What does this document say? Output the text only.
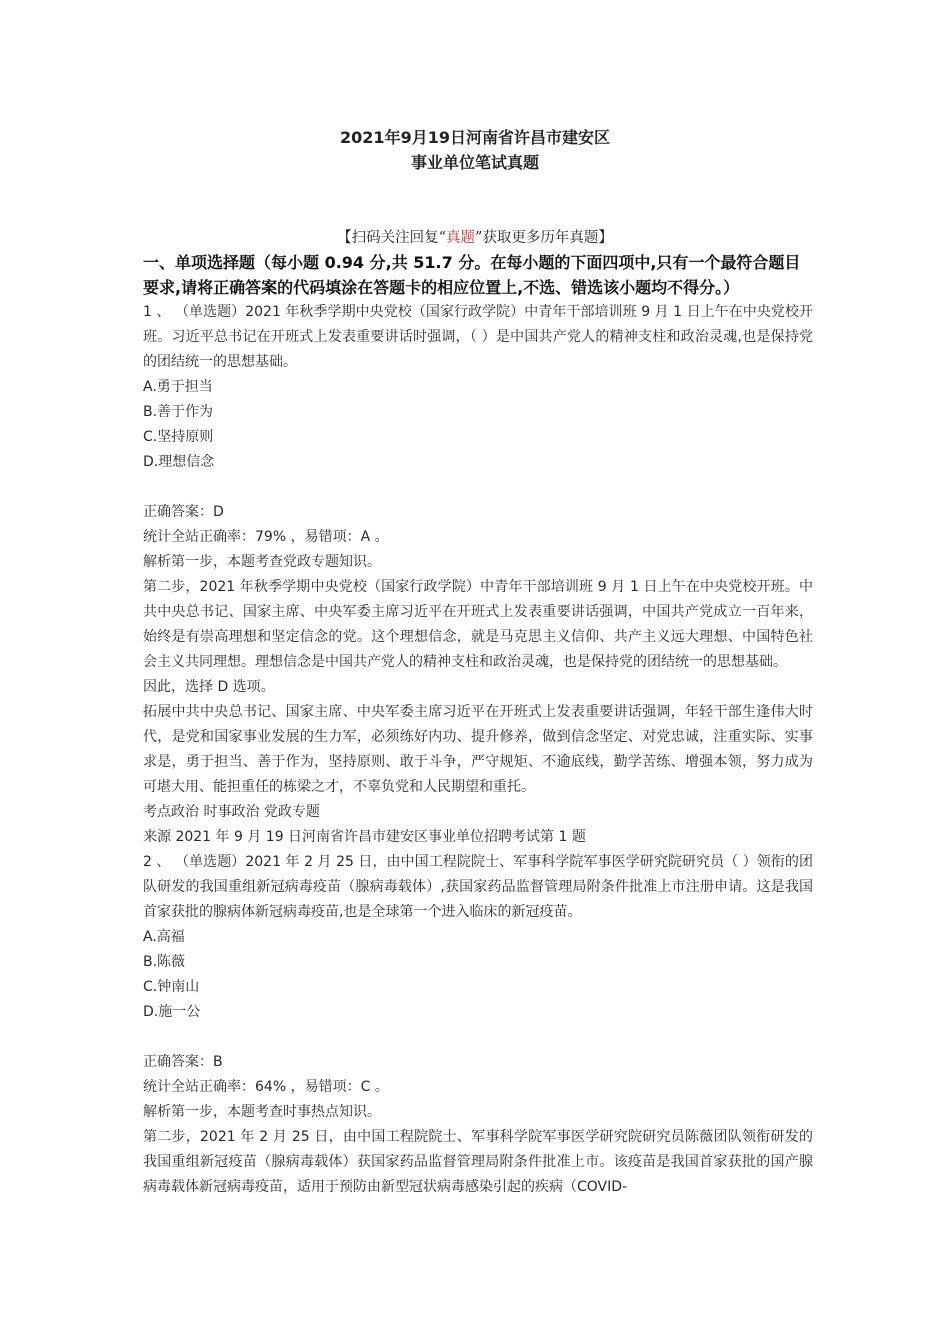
2021年9月19日河南省许昌市建安区
事业单位笔试真题
【扫码关注回复“真题”获取更多历年真题】
一、单项选择题（每小题 0.94 分,共 51.7 分。在每小题的下面四项中,只有一个最符合题目要求,请将正确答案的代码填涂在答题卡的相应位置上,不选、错选该小题均不得分。）

1 、 （单选题）2021 年秋季学期中央党校（国家行政学院）中青年干部培训班 9 月 1 日上午在中央党校开班。习近平总书记在开班式上发表重要讲话时强调，（ ）是中国共产党人的精神支柱和政治灵魂,也是保持党的团结统一的思想基础。

A.勇于担当

B.善于作为

C.坚持原则

D.理想信念

正确答案：D

统计全站正确率：79% ，易错项：A 。

解析第一步，本题考查党政专题知识。

第二步，2021 年秋季学期中央党校（国家行政学院）中青年干部培训班 9 月 1 日上午在中央党校开班。中共中央总书记、国家主席、中央军委主席习近平在开班式上发表重要讲话强调，中国共产党成立一百年来，始终是有崇高理想和坚定信念的党。这个理想信念，就是马克思主义信仰、共产主义远大理想、中国特色社会主义共同理想。理想信念是中国共产党人的精神支柱和政治灵魂，也是保持党的团结统一的思想基础。

因此，选择 D 选项。

拓展中共中央总书记、国家主席、中央军委主席习近平在开班式上发表重要讲话强调，年轻干部生逢伟大时代，是党和国家事业发展的生力军，必须练好内功、提升修养，做到信念坚定、对党忠诚，注重实际、实事求是，勇于担当、善于作为，坚持原则、敢于斗争，严守规矩、不逾底线，勤学苦练、增强本领，努力成为可堪大用、能担重任的栋梁之才，不辜负党和人民期望和重托。

考点政治 时事政治 党政专题

来源 2021 年 9 月 19 日河南省许昌市建安区事业单位招聘考试第 1 题

2 、 （单选题）2021 年 2 月 25 日，由中国工程院院士、军事科学院军事医学研究院研究员（ ）领衔的团队研发的我国重组新冠病毒疫苗（腺病毒载体）,获国家药品监督管理局附条件批准上市注册申请。这是我国首家获批的腺病体新冠病毒疫苗,也是全球第一个进入临床的新冠疫苗。

A.高福

B.陈薇

C.钟南山

D.施一公

正确答案：B

统计全站正确率：64% ，易错项：C 。

解析第一步，本题考查时事热点知识。

第二步，2021 年 2 月 25 日，由中国工程院院士、军事科学院军事医学研究院研究员陈薇团队领衔研发的我国重组新冠疫苗（腺病毒载体）获国家药品监督管理局附条件批准上市。该疫苗是我国首家获批的国产腺病毒载体新冠病毒疫苗，适用于预防由新型冠状病毒感染引起的疾病（COVID-
